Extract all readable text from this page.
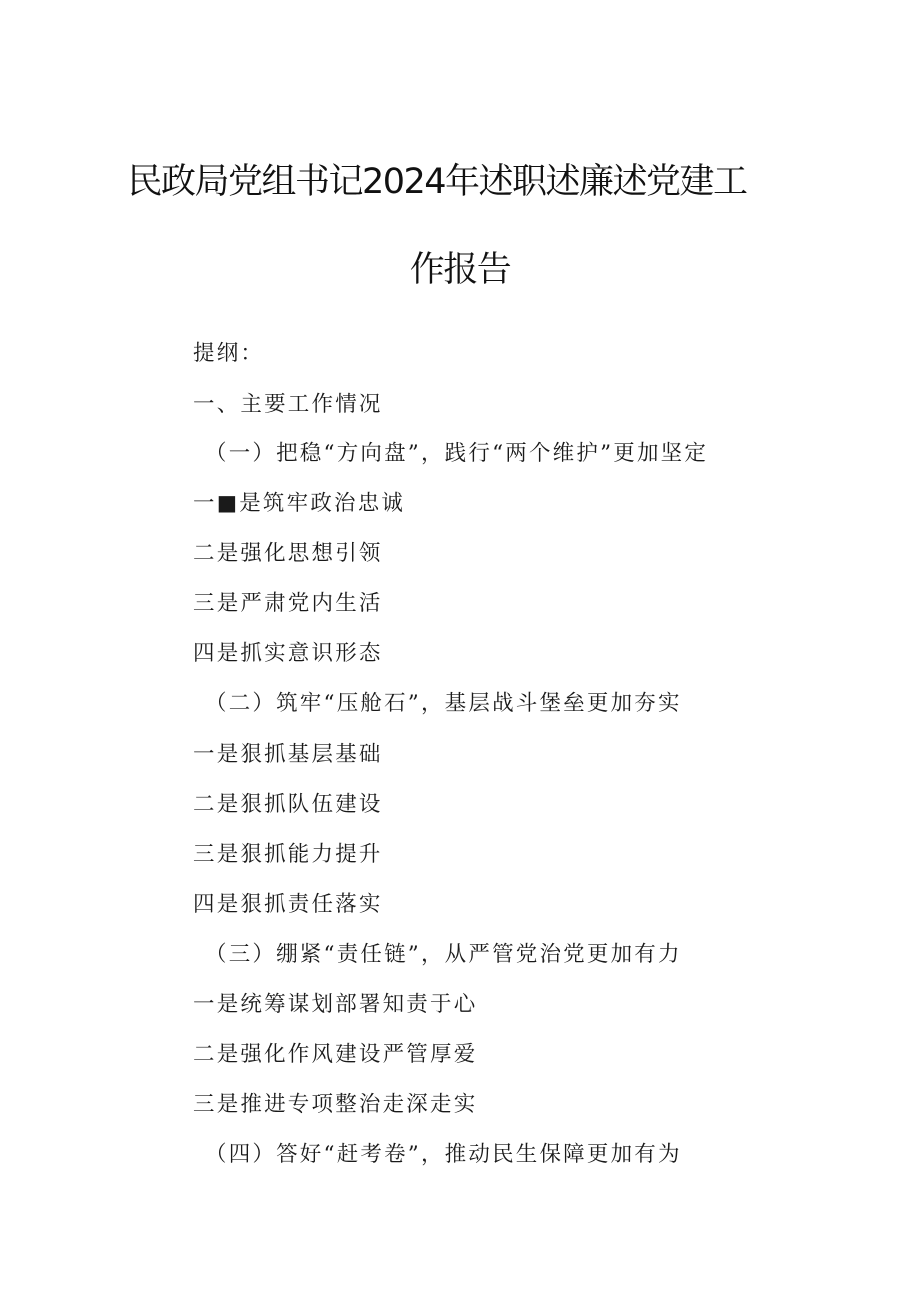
民政局党组书记2024年述职述廉述党建工
作报告
提纲：
一、主要工作情况
（一）把稳“方向盘”，践行“两个维护”更加坚定
一■是筑牢政治忠诚
二是强化思想引领
三是严肃党内生活
四是抓实意识形态
（二）筑牢“压舱石”，基层战斗堡垒更加夯实
一是狠抓基层基础
二是狠抓队伍建设
三是狠抓能力提升
四是狠抓责任落实
（三）绷紧“责任链”，从严管党治党更加有力
一是统筹谋划部署知责于心
二是强化作风建设严管厚爱
三是推进专项整治走深走实
（四）答好“赶考卷”，推动民生保障更加有为
